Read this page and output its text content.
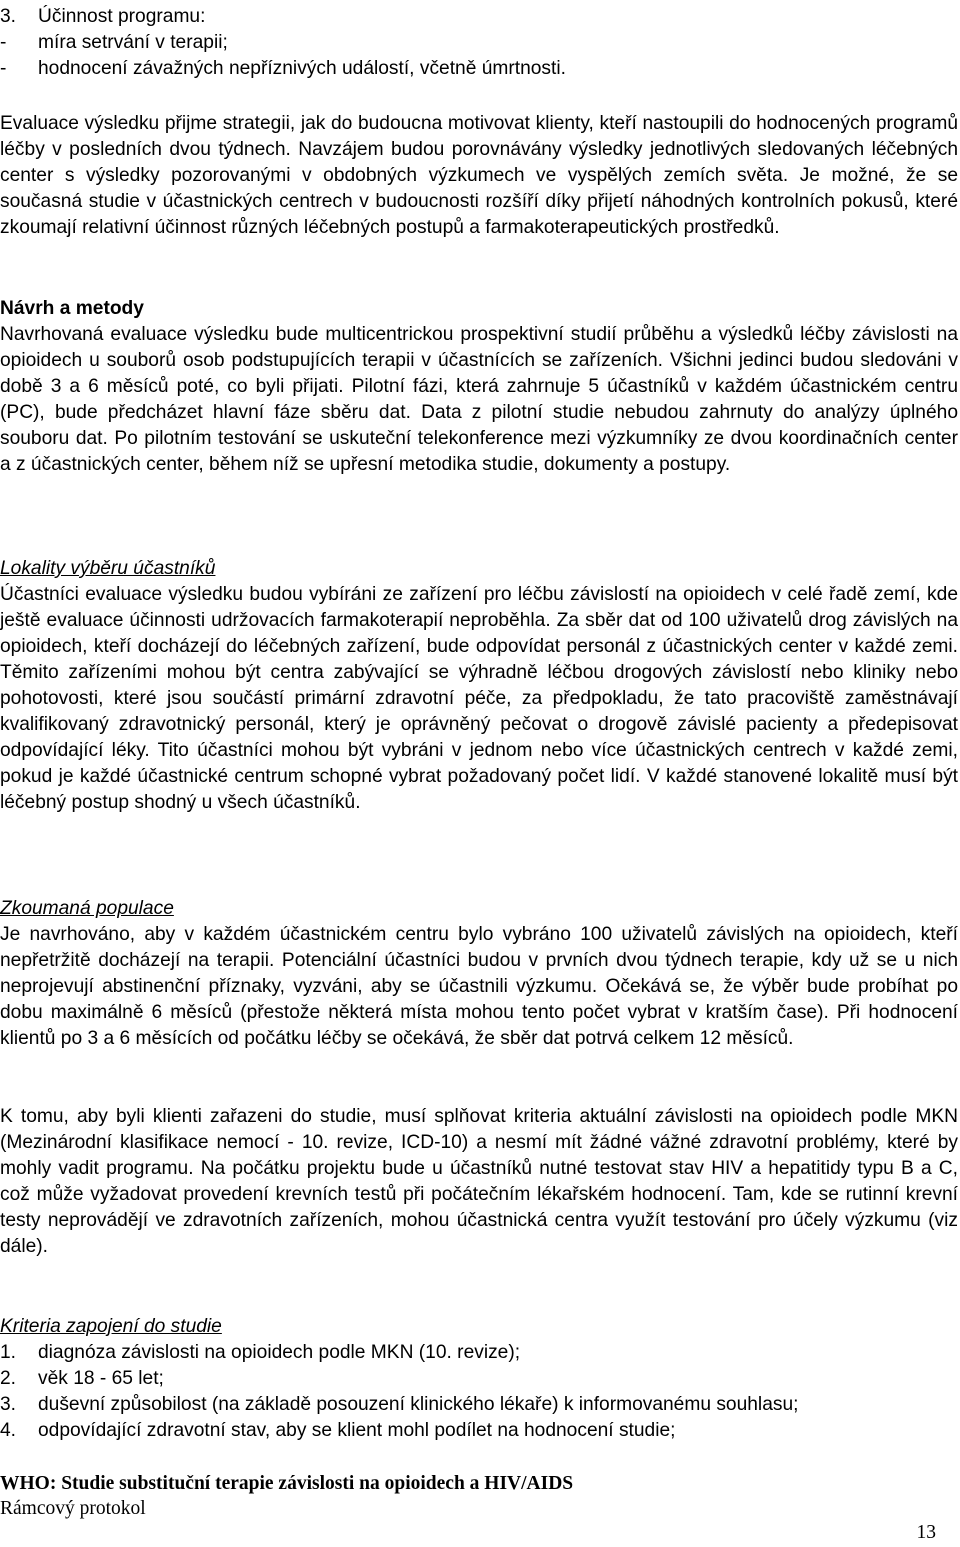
3.	Účinnost programu:
-	míra setrvání v terapii;
-	hodnocení závažných nepříznivých událostí, včetně úmrtnosti.
Evaluace výsledku přijme strategii, jak do budoucna motivovat klienty, kteří nastoupili do hodnocených programů léčby v posledních dvou týdnech. Navzájem budou porovnávány výsledky jednotlivých sledovaných léčebných center s výsledky pozorovanými v obdobných výzkumech ve vyspělých zemích světa. Je možné, že se současná studie v účastnických centrech v budoucnosti rozšíří díky přijetí náhodných kontrolních pokusů, které zkoumají relativní účinnost různých léčebných postupů a farmakoterapeutických prostředků.
Návrh a metody
Navrhovaná evaluace výsledku bude multicentrickou prospektivní studií průběhu a výsledků léčby závislosti na opioidech u souborů osob podstupujících terapii v účastnících se zařízeních. Všichni jedinci budou sledováni v době 3 a 6 měsíců poté, co byli přijati. Pilotní fázi, která zahrnuje 5 účastníků v každém účastnickém centru (PC), bude předcházet hlavní fáze sběru dat. Data z pilotní studie nebudou zahrnuty do analýzy úplného souboru dat. Po pilotním testování se uskuteční telekonference mezi výzkumníky ze dvou koordinačních center a z účastnických center, během níž se upřesní metodika studie, dokumenty a postupy.
Lokality výběru účastníků
Účastníci evaluace výsledku budou vybíráni ze zařízení pro léčbu závislostí na opioidech v celé řadě zemí, kde ještě evaluace účinnosti udržovacích farmakoterapií neproběhla. Za sběr dat od 100 uživatelů drog závislých na opioidech, kteří docházejí do léčebných zařízení, bude odpovídat personál z účastnických center v každé zemi. Těmito zařízeními mohou být centra zabývající se výhradně léčbou drogových závislostí nebo kliniky nebo pohotovosti, které jsou součástí primární zdravotní péče, za předpokladu, že tato pracoviště zaměstnávají kvalifikovaný zdravotnický personál, který je oprávněný pečovat o drogově závislé pacienty a předepisovat odpovídající léky. Tito účastníci mohou být vybráni v jednom nebo více účastnických centrech v každé zemi, pokud je každé účastnické centrum schopné vybrat požadovaný počet lidí. V každé stanovené lokalitě musí být léčebný postup shodný u všech účastníků.
Zkoumaná populace
Je navrhováno, aby v každém účastnickém centru bylo vybráno 100 uživatelů závislých na opioidech, kteří nepřetržitě docházejí na terapii. Potenciální účastníci budou v prvních dvou týdnech terapie, kdy už se u nich neprojevují abstinenční příznaky, vyzváni, aby se účastnili výzkumu. Očekává se, že výběr bude probíhat po dobu maximálně 6 měsíců (přestože některá místa mohou tento počet vybrat v kratším čase). Při hodnocení klientů po 3 a 6 měsících od počátku léčby se očekává, že sběr dat potrvá celkem 12 měsíců.
K tomu, aby byli klienti zařazeni do studie, musí splňovat kriteria aktuální závislosti na opioidech podle MKN (Mezinárodní klasifikace nemocí - 10. revize, ICD-10) a nesmí mít žádné vážné zdravotní problémy, které by mohly vadit programu. Na počátku projektu bude u účastníků nutné testovat stav HIV a hepatitidy typu B a C, což může vyžadovat provedení krevních testů při počátečním lékařském hodnocení. Tam, kde se rutinní krevní testy neprovádějí ve zdravotních zařízeních, mohou účastnická centra využít testování pro účely výzkumu (viz dále).
Kriteria zapojení do studie
1.	diagnóza závislosti na opioidech podle MKN (10. revize);
2.	věk 18 - 65 let;
3.	duševní způsobilost (na základě posouzení klinického lékaře) k informovanému souhlasu;
4.	odpovídající zdravotní stav, aby se klient mohl podílet na hodnocení studie;
WHO: Studie substituční terapie závislosti na opioidech a HIV/AIDS
Rámcový protokol
13
